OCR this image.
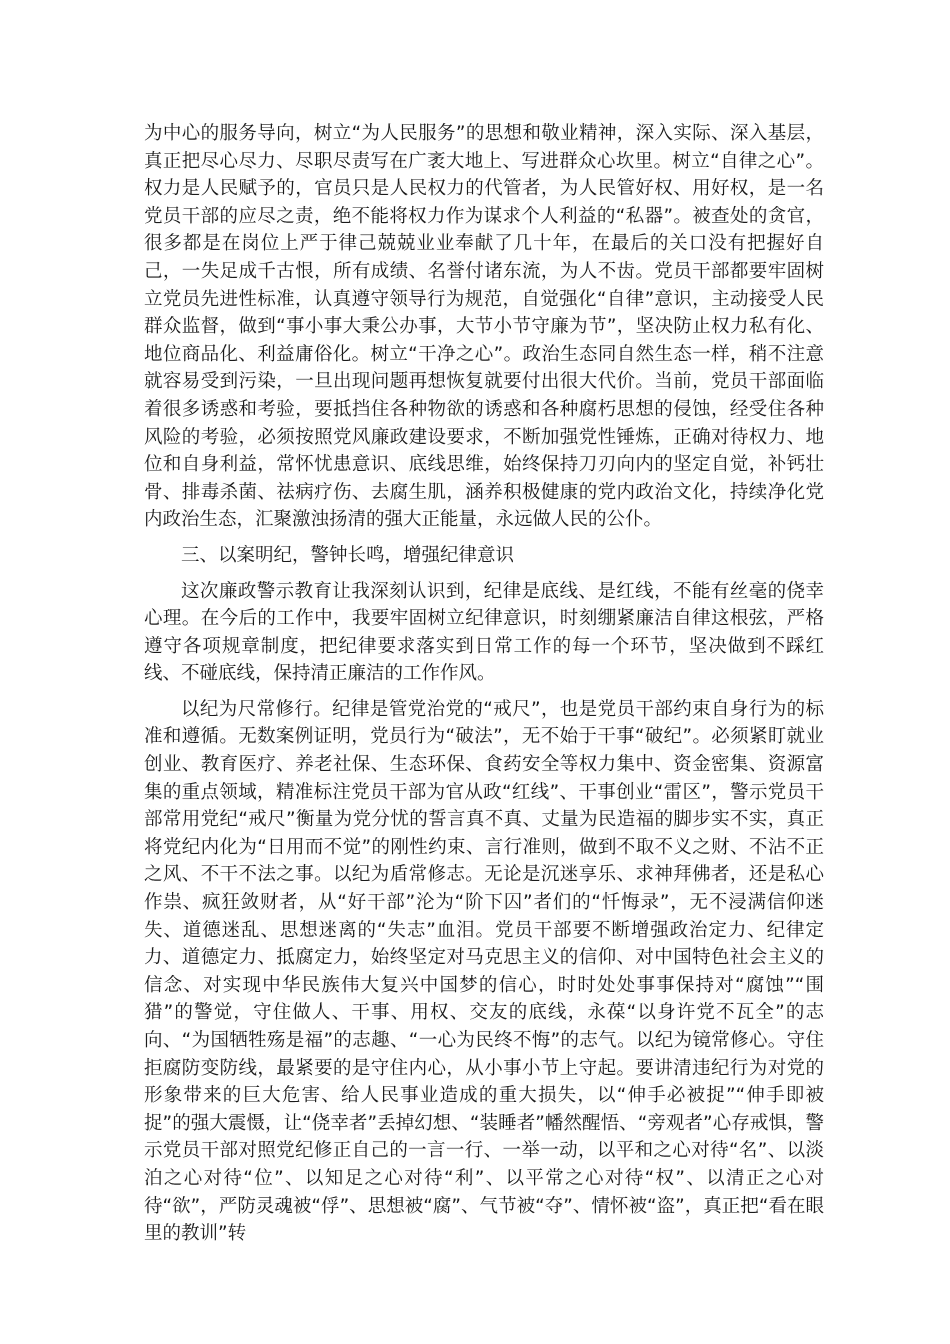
为中心的服务导向，树立“为人民服务”的思想和敬业精神，深入实际、深入基层，真正把尽心尽力、尽职尽责写在广袤大地上、写进群众心坎里。树立“自律之心”。权力是人民赋予的，官员只是人民权力的代管者，为人民管好权、用好权，是一名党员干部的应尽之责，绝不能将权力作为谋求个人利益的“私器”。被查处的贪官，很多都是在岗位上严于律己兢兢业业奉献了几十年，在最后的关口没有把握好自己，一失足成千古恨，所有成绩、名誉付诸东流，为人不齿。党员干部都要牢固树立党员先进性标准，认真遵守领导行为规范，自觉强化“自律”意识，主动接受人民群众监督，做到“事小事大秉公办事，大节小节守廉为节”，坚决防止权力私有化、地位商品化、利益庸俗化。树立“干净之心”。政治生态同自然生态一样，稍不注意就容易受到污染，一旦出现问题再想恢复就要付出很大代价。当前，党员干部面临着很多诱惑和考验，要抵挡住各种物欲的诱惑和各种腐朽思想的侵蚀，经受住各种风险的考验，必须按照党风廉政建设要求，不断加强党性锤炼，正确对待权力、地位和自身利益，常怀忧患意识、底线思维，始终保持刀刃向内的坚定自觉，补钙壮骨、排毒杀菌、祛病疗伤、去腐生肌，涵养积极健康的党内政治文化，持续净化党内政治生态，汇聚激浊扬清的强大正能量，永远做人民的公仆。

三、以案明纪，警钟长鸣，增强纪律意识

这次廉政警示教育让我深刻认识到，纪律是底线、是红线，不能有丝毫的侥幸心理。在今后的工作中，我要牢固树立纪律意识，时刻绷紧廉洁自律这根弦，严格遵守各项规章制度，把纪律要求落实到日常工作的每一个环节，坚决做到不踩红线、不碰底线，保持清正廉洁的工作作风。

以纪为尺常修行。纪律是管党治党的“戒尺”，也是党员干部约束自身行为的标准和遵循。无数案例证明，党员行为“破法”，无不始于干事“破纪”。必须紧盯就业创业、教育医疗、养老社保、生态环保、食药安全等权力集中、资金密集、资源富集的重点领域，精准标注党员干部为官从政“红线”、干事创业“雷区”，警示党员干部常用党纪“戒尺”衡量为党分忧的誓言真不真、丈量为民造福的脚步实不实，真正将党纪内化为“日用而不觉”的刚性约束、言行准则，做到不取不义之财、不沾不正之风、不干不法之事。以纪为盾常修志。无论是沉迷享乐、求神拜佛者，还是私心作祟、疯狂敛财者，从“好干部”沦为“阶下囚”者们的“忏悔录”，无不浸满信仰迷失、道德迷乱、思想迷离的“失志”血泪。党员干部要不断增强政治定力、纪律定力、道德定力、抵腐定力，始终坚定对马克思主义的信仰、对中国特色社会主义的信念、对实现中华民族伟大复兴中国梦的信心，时时处处事事保持对“腐蚀”“围猎”的警觉，守住做人、干事、用权、交友的底线，永葆“以身许党不瓦全”的志向、“为国牺牲殇是福”的志趣、“一心为民终不悔”的志气。以纪为镜常修心。守住拒腐防变防线，最紧要的是守住内心，从小事小节上守起。要讲清违纪行为对党的形象带来的巨大危害、给人民事业造成的重大损失，以“伸手必被捉”“伸手即被捉”的强大震慑，让“侥幸者”丢掉幻想、“装睡者”幡然醒悟、“旁观者”心存戒惧，警示党员干部对照党纪修正自己的一言一行、一举一动，以平和之心对待“名”、以淡泊之心对待“位”、以知足之心对待“利”、以平常之心对待“权”、以清正之心对待“欲”，严防灵魂被“俘”、思想被“腐”、气节被“夺”、情怀被“盗”，真正把“看在眼里的教训”转
